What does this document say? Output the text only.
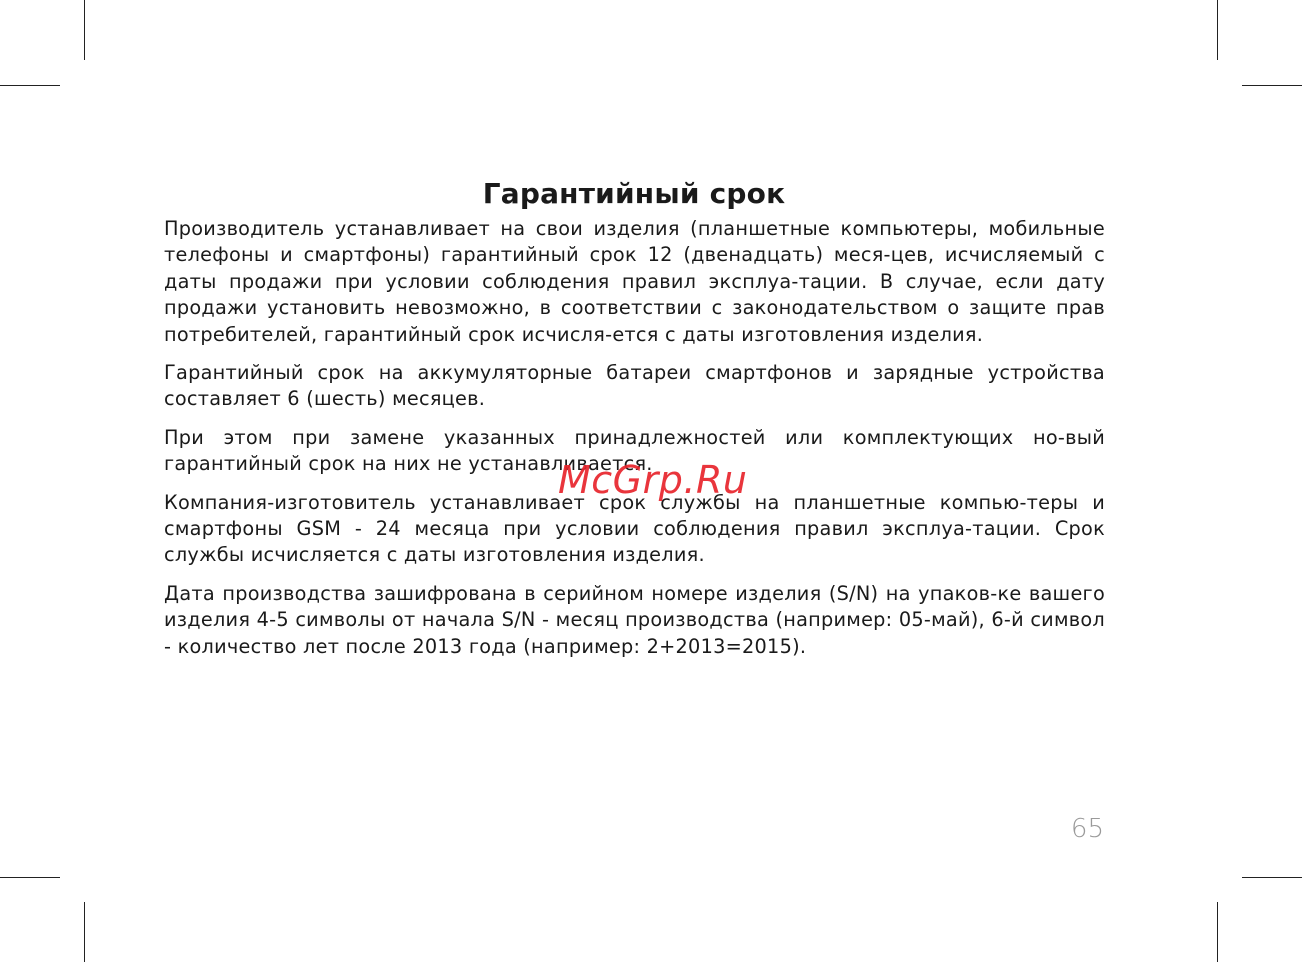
Гарантийный срок

Производитель устанавливает на свои изделия (планшетные компьютеры, мобильные телефоны и смартфоны) гарантийный срок 12 (двенадцать) меся-цев, исчисляемый с даты продажи при условии соблюдения правил эксплуа-тации. В случае, если дату продажи установить невозможно, в соответствии с законодательством о защите прав потребителей, гарантийный срок исчисля-ется с даты изготовления изделия.

Гарантийный срок на аккумуляторные батареи смартфонов и зарядные устройства составляет 6 (шесть) месяцев.

При этом при замене указанных принадлежностей или комплектующих но-вый гарантийный срок на них не устанавливается.

Компания-изготовитель устанавливает срок службы на планшетные компью-теры и смартфоны GSM - 24 месяца при условии соблюдения правил эксплуа-тации. Срок службы исчисляется с даты изготовления изделия.

Дата производства зашифрована в серийном номере изделия (S/N) на упаков-ке вашего изделия 4-5 символы от начала S/N - месяц производства (например: 05-май), 6-й символ - количество лет после 2013 года (например: 2+2013=2015).

McGrp.Ru
65
